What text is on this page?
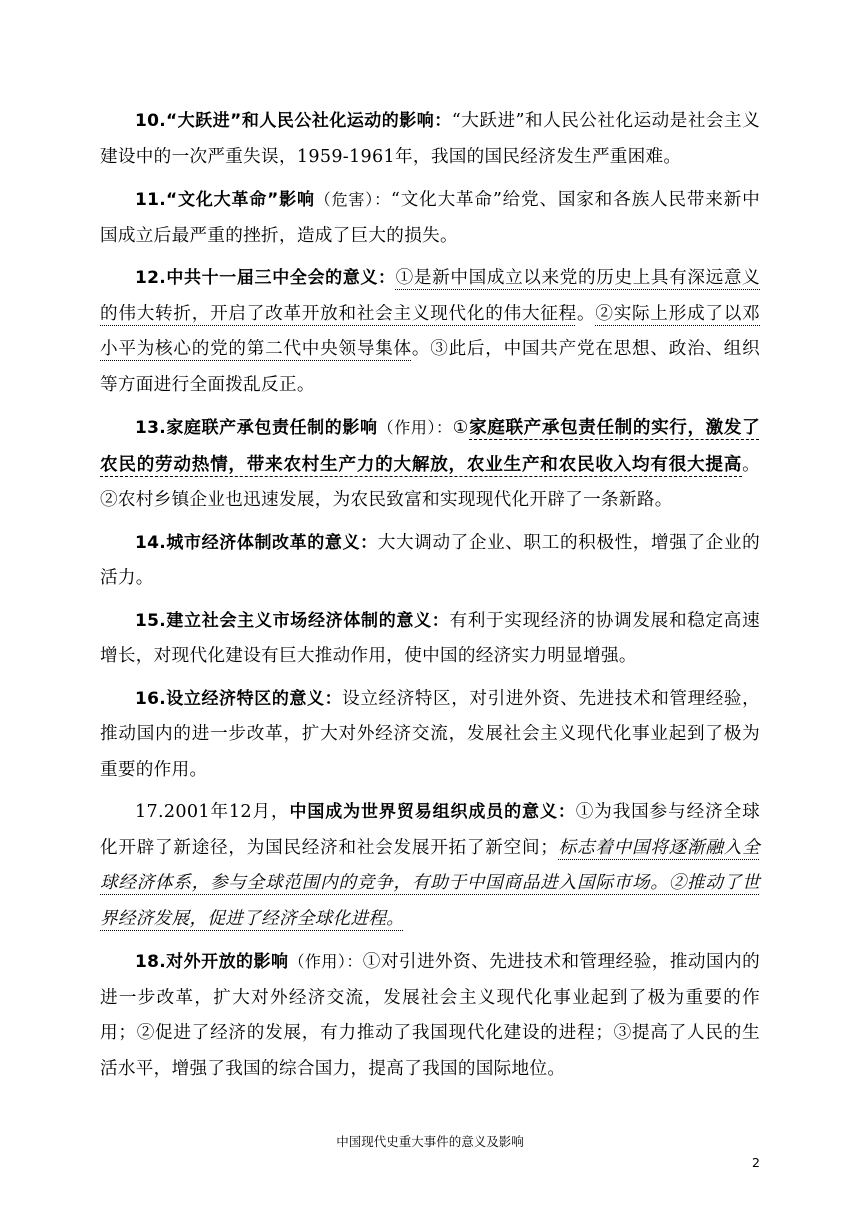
10.“大跃进”和人民公社化运动的影响：“大跃进”和人民公社化运动是社会主义建设中的一次严重失误，1959-1961年，我国的国民经济发生严重困难。

11.“文化大革命”影响（危害）：“文化大革命”给党、国家和各族人民带来新中国成立后最严重的挫折，造成了巨大的损失。

12.中共十一届三中全会的意义：①是新中国成立以来党的历史上具有深远意义的伟大转折，开启了改革开放和社会主义现代化的伟大征程。②实际上形成了以邓小平为核心的党的第二代中央领导集体。③此后，中国共产党在思想、政治、组织等方面进行全面拨乱反正。

13.家庭联产承包责任制的影响（作用）：①家庭联产承包责任制的实行，激发了农民的劳动热情，带来农村生产力的大解放，农业生产和农民收入均有很大提高。②农村乡镇企业也迅速发展，为农民致富和实现现代化开辟了一条新路。

14.城市经济体制改革的意义：大大调动了企业、职工的积极性，增强了企业的活力。

15.建立社会主义市场经济体制的意义：有利于实现经济的协调发展和稳定高速增长，对现代化建设有巨大推动作用，使中国的经济实力明显增强。

16.设立经济特区的意义：设立经济特区，对引进外资、先进技术和管理经验，推动国内的进一步改革，扩大对外经济交流，发展社会主义现代化事业起到了极为重要的作用。

17.2001年12月，中国成为世界贸易组织成员的意义：①为我国参与经济全球化开辟了新途径，为国民经济和社会发展开拓了新空间；标志着中国将逐渐融入全球经济体系，参与全球范围内的竞争，有助于中国商品进入国际市场。②推动了世界经济发展，促进了经济全球化进程。

18.对外开放的影响（作用）：①对引进外资、先进技术和管理经验，推动国内的进一步改革，扩大对外经济交流，发展社会主义现代化事业起到了极为重要的作用；②促进了经济的发展，有力推动了我国现代化建设的进程；③提高了人民的生活水平，增强了我国的综合国力，提高了我国的国际地位。

中国现代史重大事件的意义及影响
2
